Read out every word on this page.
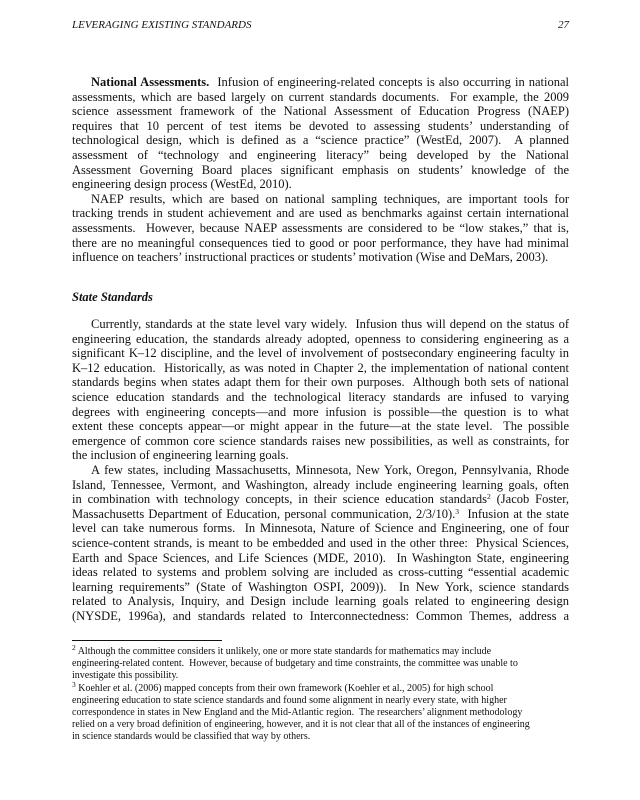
LEVERAGING EXISTING STANDARDS	27
National Assessments.  Infusion of engineering-related concepts is also occurring in national
assessments, which are based largely on current standards documents.  For example, the 2009
science assessment framework of the National Assessment of Education Progress (NAEP)
requires that 10 percent of test items be devoted to assessing students’ understanding of
technological design, which is defined as a “science practice” (WestEd, 2007).  A planned
assessment of “technology and engineering literacy” being developed by the National
Assessment Governing Board places significant emphasis on students’ knowledge of the
engineering design process (WestEd, 2010).
NAEP results, which are based on national sampling techniques, are important tools for
tracking trends in student achievement and are used as benchmarks against certain international
assessments.  However, because NAEP assessments are considered to be “low stakes,” that is,
there are no meaningful consequences tied to good or poor performance, they have had minimal
influence on teachers’ instructional practices or students’ motivation (Wise and DeMars, 2003).
State Standards
Currently, standards at the state level vary widely.  Infusion thus will depend on the status of
engineering education, the standards already adopted, openness to considering engineering as a
significant K–12 discipline, and the level of involvement of postsecondary engineering faculty in
K–12 education.  Historically, as was noted in Chapter 2, the implementation of national content
standards begins when states adapt them for their own purposes.  Although both sets of national
science education standards and the technological literacy standards are infused to varying
degrees with engineering concepts—and more infusion is possible—the question is to what
extent these concepts appear—or might appear in the future—at the state level.  The possible
emergence of common core science standards raises new possibilities, as well as constraints, for
the inclusion of engineering learning goals.
A few states, including Massachusetts, Minnesota, New York, Oregon, Pennsylvania, Rhode
Island, Tennessee, Vermont, and Washington, already include engineering learning goals, often
in combination with technology concepts, in their science education standards$^2$ (Jacob Foster,
Massachusetts Department of Education, personal communication, 2/3/10).$^3$  Infusion at the state
level can take numerous forms.  In Minnesota, Nature of Science and Engineering, one of four
science-content strands, is meant to be embedded and used in the other three:  Physical Sciences,
Earth and Space Sciences, and Life Sciences (MDE, 2010).  In Washington State, engineering
ideas related to systems and problem solving are included as cross-cutting “essential academic
learning requirements” (State of Washington OSPI, 2009)).  In New York, science standards
related to Analysis, Inquiry, and Design include learning goals related to engineering design
(NYSDE, 1996a), and standards related to Interconnectedness: Common Themes, address a
$^2$ Although the committee considers it unlikely, one or more state standards for mathematics may include
engineering-related content.  However, because of budgetary and time constraints, the committee was unable to
investigate this possibility.
$^3$ Koehler et al. (2006) mapped concepts from their own framework (Koehler et al., 2005) for high school
engineering education to state science standards and found some alignment in nearly every state, with higher
correspondence in states in New England and the Mid-Atlantic region.  The researchers’ alignment methodology
relied on a very broad definition of engineering, however, and it is not clear that all of the instances of engineering
in science standards would be classified that way by others.
